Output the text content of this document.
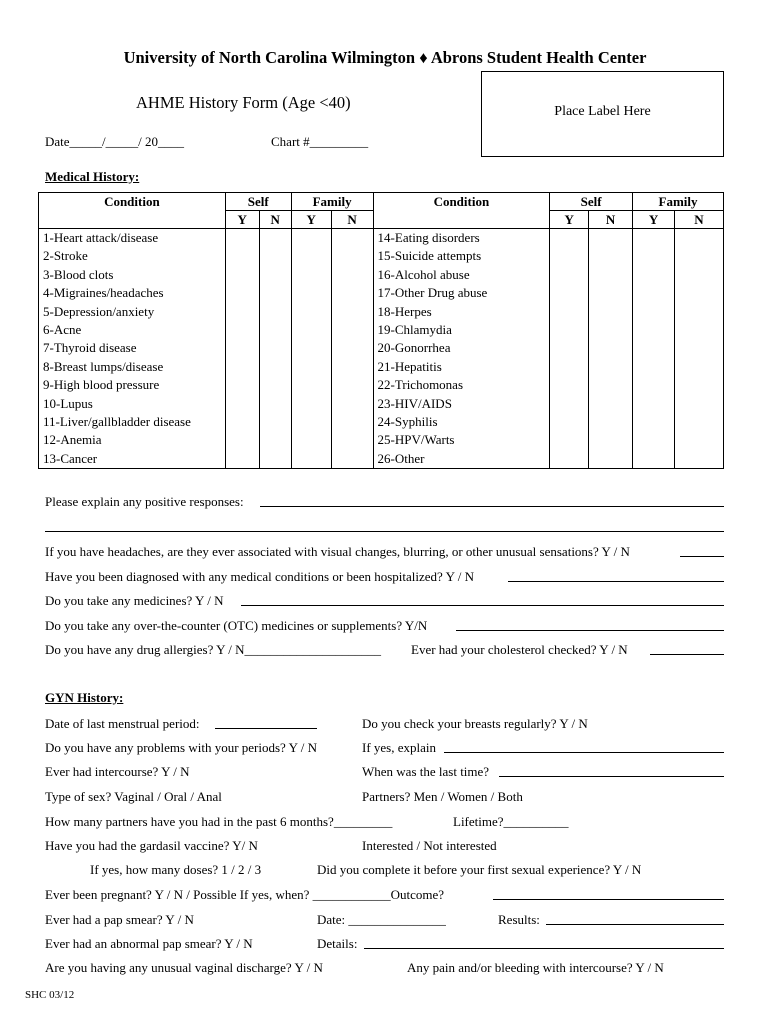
University of North Carolina Wilmington ♦ Abrons Student Health Center
AHME History Form (Age <40)	Place Label Here
Date_____/_____/ 20____	Chart #_________
Medical History:
Condition	Self		Family		Condition	Self		Family	
	Y	N	Y	N		Y	N	Y	N
1-Heart attack/disease					14-Eating disorders				
2-Stroke					15-Suicide attempts				
3-Blood clots					16-Alcohol abuse				
4-Migraines/headaches					17-Other Drug abuse				
5-Depression/anxiety					18-Herpes				
6-Acne					19-Chlamydia				
7-Thyroid disease					20-Gonorrhea				
8-Breast lumps/disease					21-Hepatitis				
9-High blood pressure					22-Trichomonas				
10-Lupus					23-HIV/AIDS				
11-Liver/gallbladder disease					24-Syphilis				
12-Anemia					25-HPV/Warts				
13-Cancer					26-Other				
Please explain any positive responses:
If you have headaches, are they ever associated with visual changes, blurring, or other unusual sensations? Y / N
Have you been diagnosed with any medical conditions or been hospitalized? Y / N
Do you take any medicines? Y / N
Do you take any over-the-counter (OTC) medicines or supplements? Y/N
Do you have any drug allergies? Y / N_____________________ Ever had your cholesterol checked? Y / N
GYN History:
Date of last menstrual period:	Do you check your breasts regularly? Y / N
Do you have any problems with your periods? Y / N	If yes, explain
Ever had intercourse? Y / N	When was the last time?
Type of sex? Vaginal / Oral / Anal	Partners? Men / Women / Both
How many partners have you had in the past 6 months?_________	Lifetime?__________
Have you had the gardasil vaccine? Y/ N	Interested / Not interested
If yes, how many doses? 1 / 2 / 3	Did you complete it before your first sexual experience? Y / N
Ever been pregnant? Y / N / Possible If yes, when? ____________Outcome?
Ever had a pap smear? Y / N	Date: _______________	Results:
Ever had an abnormal pap smear? Y / N	Details:
Are you having any unusual vaginal discharge? Y / N	Any pain and/or bleeding with intercourse? Y / N
SHC 03/12
